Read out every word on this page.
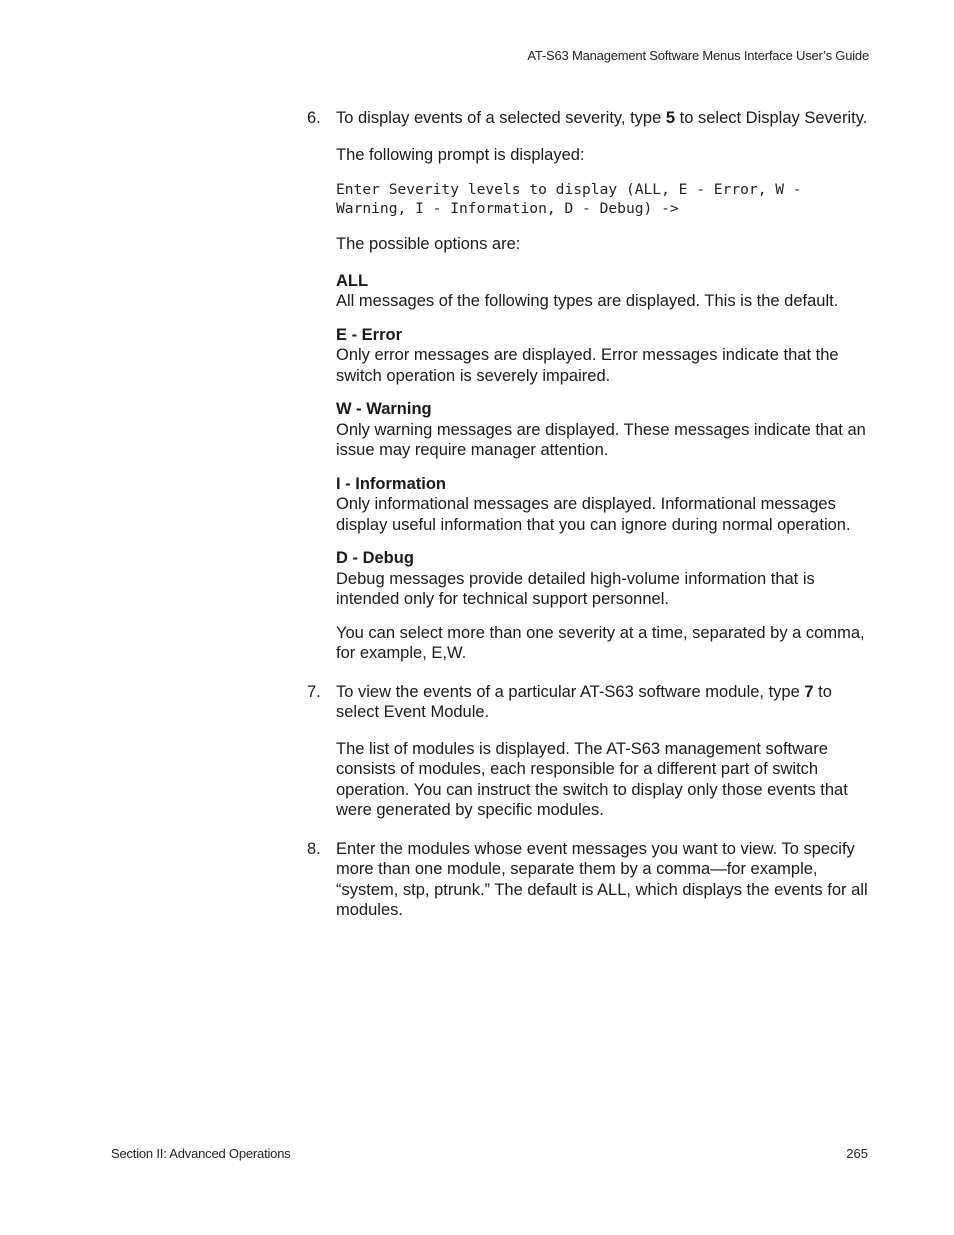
AT-S63 Management Software Menus Interface User’s Guide
6. To display events of a selected severity, type 5 to select Display Severity.

The following prompt is displayed:

Enter Severity levels to display (ALL, E - Error, W -
Warning, I - Information, D - Debug) ->

The possible options are:

ALL
All messages of the following types are displayed. This is the default.
E - Error
Only error messages are displayed. Error messages indicate that the switch operation is severely impaired.
W - Warning
Only warning messages are displayed. These messages indicate that an issue may require manager attention.
I - Information
Only informational messages are displayed. Informational messages display useful information that you can ignore during normal operation.
D - Debug
Debug messages provide detailed high-volume information that is intended only for technical support personnel.

You can select more than one severity at a time, separated by a comma, for example, E,W.

7. To view the events of a particular AT-S63 software module, type 7 to select Event Module.

The list of modules is displayed. The AT-S63 management software consists of modules, each responsible for a different part of switch operation. You can instruct the switch to display only those events that were generated by specific modules.

8. Enter the modules whose event messages you want to view. To specify more than one module, separate them by a comma—for example, “system, stp, ptrunk.” The default is ALL, which displays the events for all modules.

Section II: Advanced Operations	265
